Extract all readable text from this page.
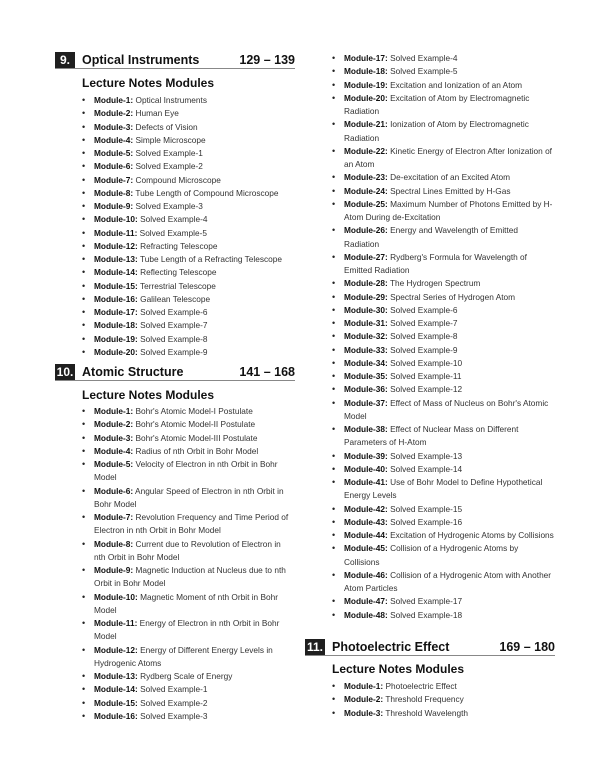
9. Optical Instruments	129 – 139
Lecture Notes Modules
• Module-1: Optical Instruments
• Module-2: Human Eye
• Module-3: Defects of Vision
• Module-4: Simple Microscope
• Module-5: Solved Example-1
• Module-6: Solved Example-2
• Module-7: Compound Microscope
• Module-8: Tube Length of Compound Microscope
• Module-9: Solved Example-3
• Module-10: Solved Example-4
• Module-11: Solved Example-5
• Module-12: Refracting Telescope
• Module-13: Tube Length of a Refracting Telescope
• Module-14: Reflecting Telescope
• Module-15: Terrestrial Telescope
• Module-16: Galilean Telescope
• Module-17: Solved Example-6
• Module-18: Solved Example-7
• Module-19: Solved Example-8
• Module-20: Solved Example-9
10. Atomic Structure	141 – 168
Lecture Notes Modules
• Module-1: Bohr's Atomic Model-I Postulate
• Module-2: Bohr's Atomic Model-II Postulate
• Module-3: Bohr's Atomic Model-III Postulate
• Module-4: Radius of nth Orbit in Bohr Model
• Module-5: Velocity of Electron in nth Orbit in Bohr Model
• Module-6: Angular Speed of Electron in nth Orbit in Bohr Model
• Module-7: Revolution Frequency and Time Period of Electron in nth Orbit in Bohr Model
• Module-8: Current due to Revolution of Electron in nth Orbit in Bohr Model
• Module-9: Magnetic Induction at Nucleus due to nth Orbit in Bohr Model
• Module-10: Magnetic Moment of nth Orbit in Bohr Model
• Module-11: Energy of Electron in nth Orbit in Bohr Model
• Module-12: Energy of Different Energy Levels in Hydrogenic Atoms
• Module-13: Rydberg Scale of Energy
• Module-14: Solved Example-1
• Module-15: Solved Example-2
• Module-16: Solved Example-3
• Module-17: Solved Example-4
• Module-18: Solved Example-5
• Module-19: Excitation and Ionization of an Atom
• Module-20: Excitation of Atom by Electromagnetic Radiation
• Module-21: Ionization of Atom by Electromagnetic Radiation
• Module-22: Kinetic Energy of Electron After Ionization of an Atom
• Module-23: De-excitation of an Excited Atom
• Module-24: Spectral Lines Emitted by H-Gas
• Module-25: Maximum Number of Photons Emitted by H-Atom During de-Excitation
• Module-26: Energy and Wavelength of Emitted Radiation
• Module-27: Rydberg's Formula for Wavelength of Emitted Radiation
• Module-28: The Hydrogen Spectrum
• Module-29: Spectral Series of Hydrogen Atom
• Module-30: Solved Example-6
• Module-31: Solved Example-7
• Module-32: Solved Example-8
• Module-33: Solved Example-9
• Module-34: Solved Example-10
• Module-35: Solved Example-11
• Module-36: Solved Example-12
• Module-37: Effect of Mass of Nucleus on Bohr's Atomic Model
• Module-38: Effect of Nuclear Mass on Different Parameters of H-Atom
• Module-39: Solved Example-13
• Module-40: Solved Example-14
• Module-41: Use of Bohr Model to Define Hypothetical Energy Levels
• Module-42: Solved Example-15
• Module-43: Solved Example-16
• Module-44: Excitation of Hydrogenic Atoms by Collisions
• Module-45: Collision of a Hydrogenic Atoms by Collisions
• Module-46: Collision of a Hydrogenic Atom with Another Atom Particles
• Module-47: Solved Example-17
• Module-48: Solved Example-18
11. Photoelectric Effect	169 – 180
Lecture Notes Modules
• Module-1: Photoelectric Effect
• Module-2: Threshold Frequency
• Module-3: Threshold Wavelength
